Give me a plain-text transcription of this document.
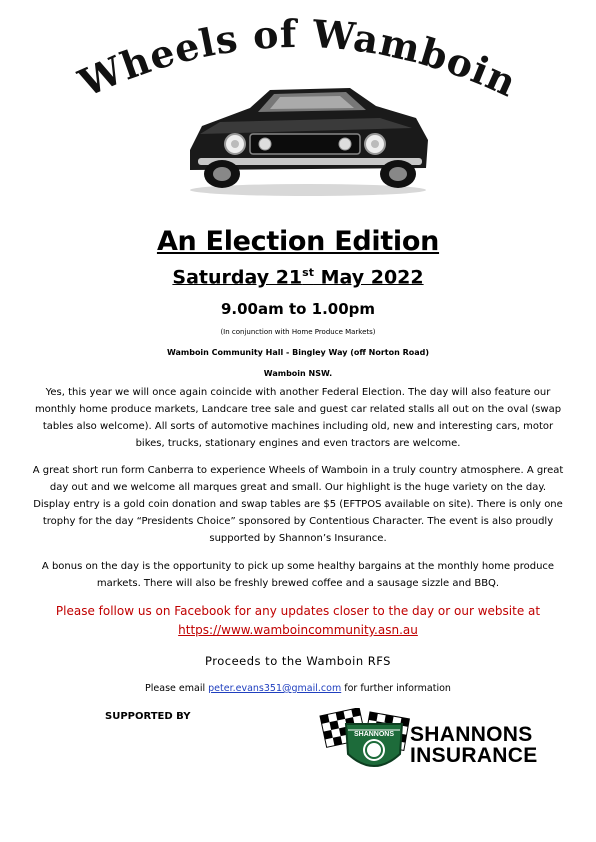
Wheels of Wamboin
An Election Edition
Saturday 21st May 2022
9.00am to 1.00pm
(In conjunction with Home Produce Markets)
Wamboin Community Hall - Bingley Way (off Norton Road)
Wamboin NSW.
Yes, this year we will once again coincide with another Federal Election. The day will also feature our monthly home produce markets, Landcare tree sale and guest car related stalls all out on the oval (swap tables also welcome). All sorts of automotive machines including old, new and interesting cars, motor bikes, trucks, stationary engines and even tractors are welcome.
A great short run form Canberra to experience Wheels of Wamboin in a truly country atmosphere. A great day out and we welcome all marques great and small. Our highlight is the huge variety on the day. Display entry is a gold coin donation and swap tables are $5 (EFTPOS available on site). There is only one trophy for the day “Presidents Choice” sponsored by Contentious Character. The event is also proudly supported by Shannon’s Insurance.
A bonus on the day is the opportunity to pick up some healthy bargains at the monthly home produce markets. There will also be freshly brewed coffee and a sausage sizzle and BBQ.
Please follow us on Facebook for any updates closer to the day or our website at
https://www.wamboincommunity.asn.au
Proceeds to the Wamboin RFS
Please email peter.evans351@gmail.com for further information
SUPPORTED BY
SHANNONS SHANNONS
INSURANCE
